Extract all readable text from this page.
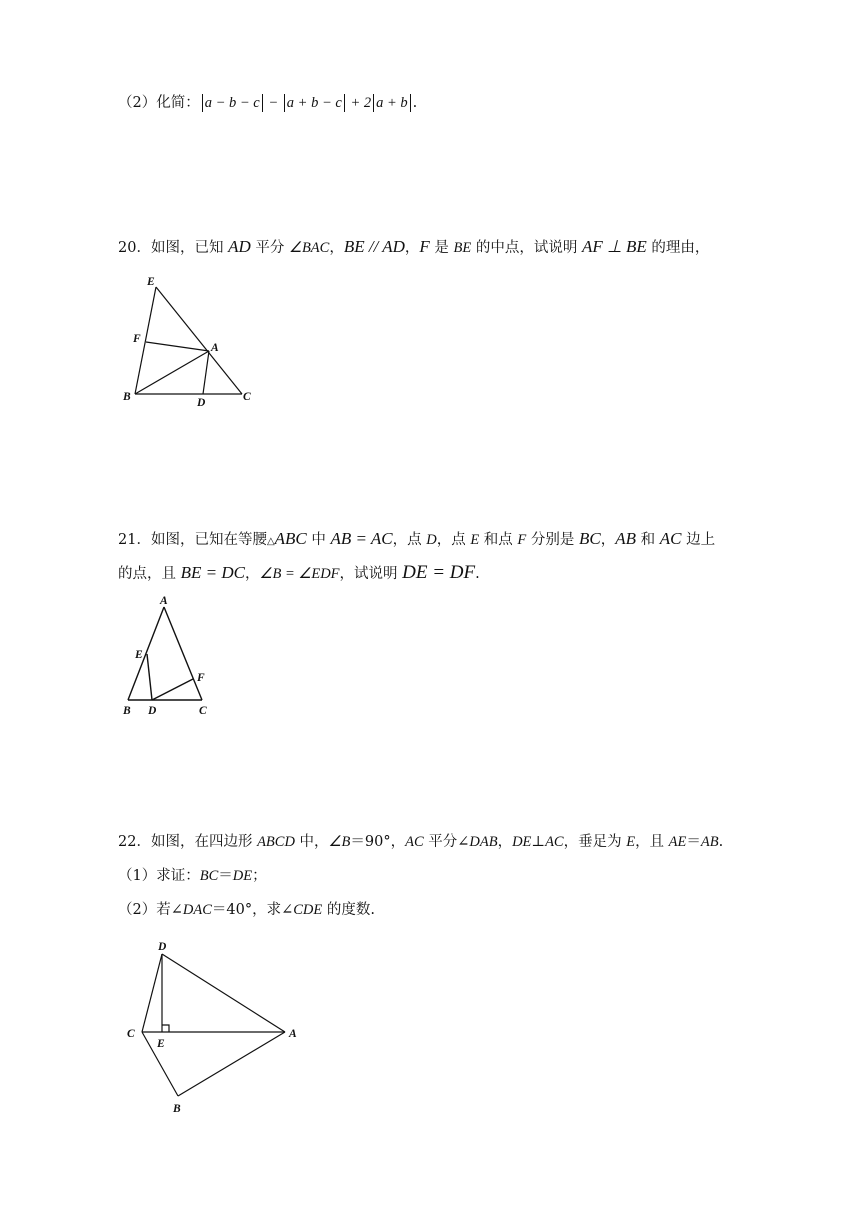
（2）化简： a − b − c − a + b − c + 2 a + b .
20．如图，已知 AD 平分 ∠BAC，BE // AD，F 是 BE 的中点，试说明 AF ⊥ BE 的理由，
E
F
A
B	D	C
21．如图，已知在等腰△ABC 中 AB = AC，点 D，点 E 和点 F 分别是 BC，AB 和 AC 边上
的点，且 BE = DC，∠B = ∠EDF，试说明 DE = DF.
A
E
F
B D	C
22．如图，在四边形 ABCD 中，∠B＝90°，AC 平分∠DAB，DE⊥AC，垂足为 E，且 AE＝AB.
（1）求证：BC＝DE；
（2）若∠DAC＝40°，求∠CDE 的度数.
D
C
E
A
B
